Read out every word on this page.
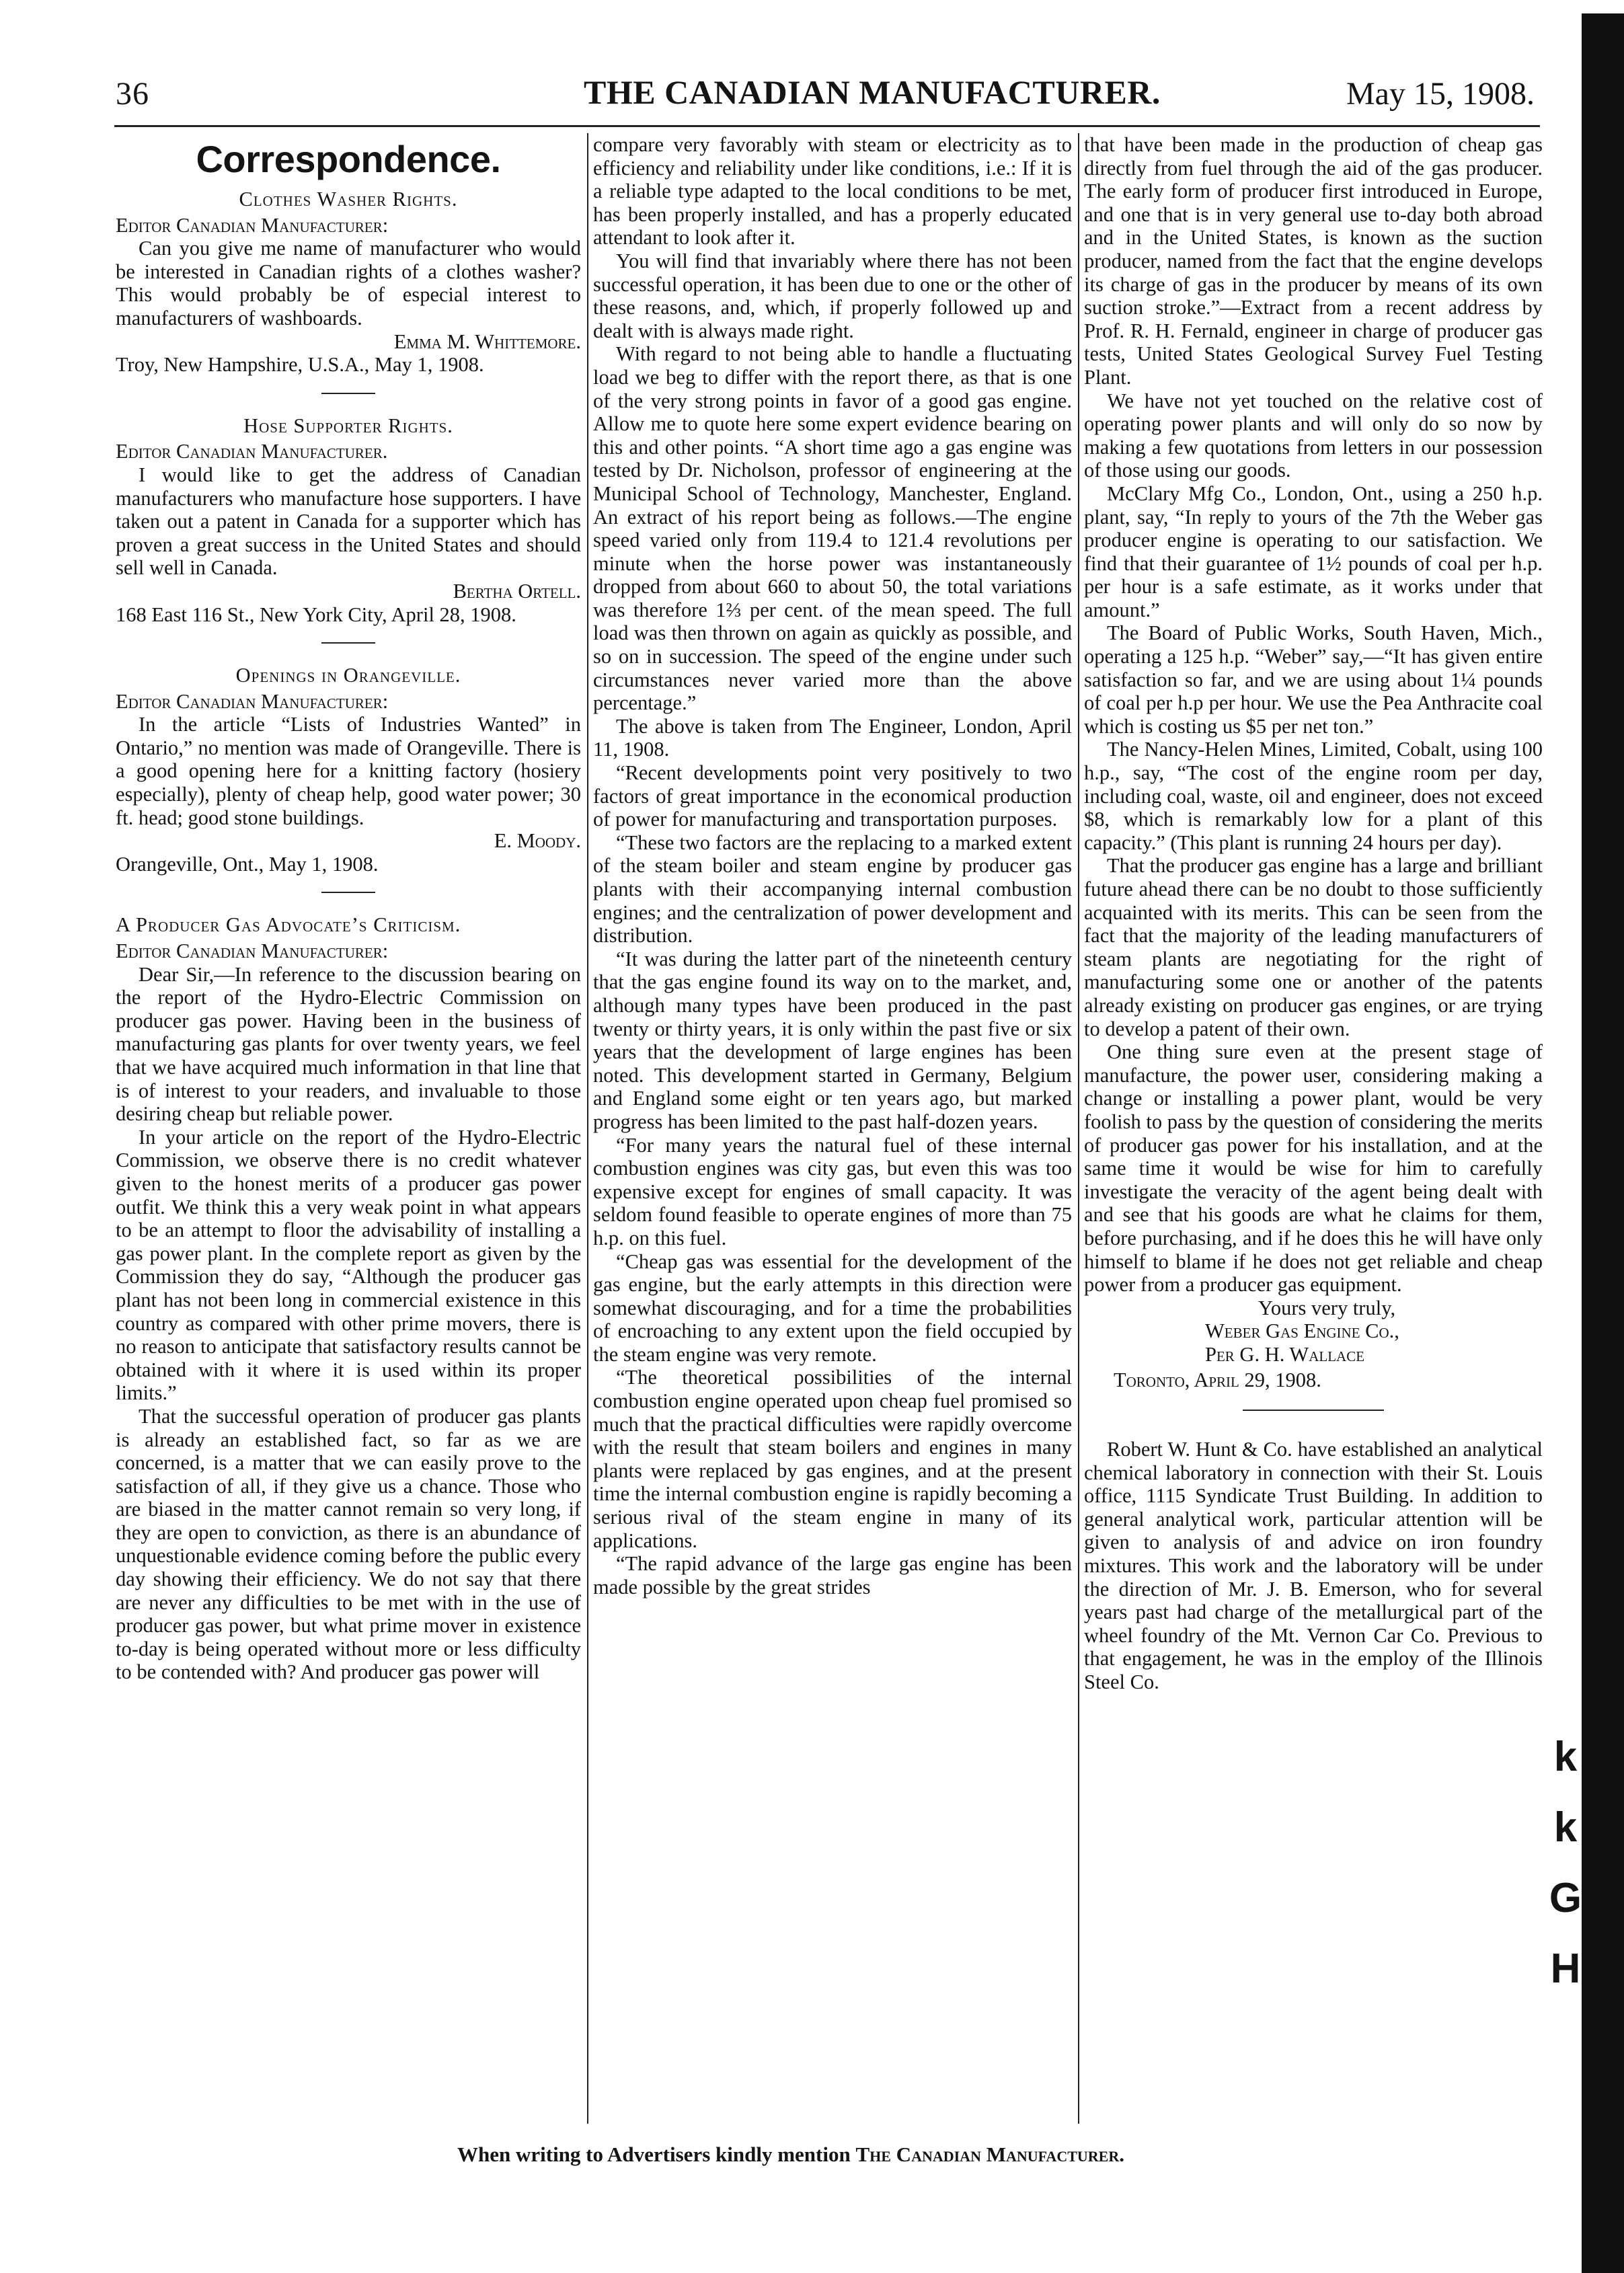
36	THE CANADIAN MANUFACTURER.	May 15, 1908.
Correspondence.

Clothes Washer Rights.

Editor Canadian Manufacturer:

Can you give me name of manufacturer who would be interested in Canadian rights of a clothes washer? This would probably be of especial interest to manufacturers of washboards.

Emma M. Whittemore.

Troy, New Hampshire, U.S.A., May 1, 1908.

Hose Supporter Rights.

Editor Canadian Manufacturer.

I would like to get the address of Canadian manufacturers who manufacture hose supporters. I have taken out a patent in Canada for a supporter which has proven a great success in the United States and should sell well in Canada.

Bertha Ortell.

168 East 116 St., New York City, April 28, 1908.

Openings in Orangeville.

Editor Canadian Manufacturer:

In the article “Lists of Industries Wanted” in Ontario,” no mention was made of Orangeville. There is a good opening here for a knitting factory (hosiery especially), plenty of cheap help, good water power; 30 ft. head; good stone buildings.

E. Moody.

Orangeville, Ont., May 1, 1908.

A Producer Gas Advocate’s Criticism.

Editor Canadian Manufacturer:

Dear Sir,—In reference to the discussion bearing on the report of the Hydro-Electric Commission on producer gas power. Having been in the business of manufacturing gas plants for over twenty years, we feel that we have acquired much information in that line that is of interest to your readers, and invaluable to those desiring cheap but reliable power.

In your article on the report of the Hydro-Electric Commission, we observe there is no credit whatever given to the honest merits of a producer gas power outfit. We think this a very weak point in what appears to be an attempt to floor the advisability of installing a gas power plant. In the complete report as given by the Commission they do say, “Although the producer gas plant has not been long in commercial existence in this country as compared with other prime movers, there is no reason to anticipate that satisfactory results cannot be obtained with it where it is used within its proper limits.”

That the successful operation of producer gas plants is already an established fact, so far as we are concerned, is a matter that we can easily prove to the satisfaction of all, if they give us a chance. Those who are biased in the matter cannot remain so very long, if they are open to conviction, as there is an abundance of unquestionable evidence coming before the public every day showing their efficiency. We do not say that there are never any difficulties to be met with in the use of producer gas power, but what prime mover in existence to-day is being operated without more or less difficulty to be contended with? And producer gas power will

compare very favorably with steam or electricity as to efficiency and reliability under like conditions, i.e.: If it is a reliable type adapted to the local conditions to be met, has been properly installed, and has a properly educated attendant to look after it.

You will find that invariably where there has not been successful operation, it has been due to one or the other of these reasons, and, which, if properly followed up and dealt with is always made right.

With regard to not being able to handle a fluctuating load we beg to differ with the report there, as that is one of the very strong points in favor of a good gas engine. Allow me to quote here some expert evidence bearing on this and other points. “A short time ago a gas engine was tested by Dr. Nicholson, professor of engineering at the Municipal School of Technology, Manchester, England. An extract of his report being as follows.—The engine speed varied only from 119.4 to 121.4 revolutions per minute when the horse power was instantaneously dropped from about 660 to about 50, the total variations was therefore 1⅔ per cent. of the mean speed. The full load was then thrown on again as quickly as possible, and so on in succession. The speed of the engine under such circumstances never varied more than the above percentage.”

The above is taken from The Engineer, London, April 11, 1908.

“Recent developments point very positively to two factors of great importance in the economical production of power for manufacturing and transportation purposes.

“These two factors are the replacing to a marked extent of the steam boiler and steam engine by producer gas plants with their accompanying internal combustion engines; and the centralization of power development and distribution.

“It was during the latter part of the nineteenth century that the gas engine found its way on to the market, and, although many types have been produced in the past twenty or thirty years, it is only within the past five or six years that the development of large engines has been noted. This development started in Germany, Belgium and England some eight or ten years ago, but marked progress has been limited to the past half-dozen years.

“For many years the natural fuel of these internal combustion engines was city gas, but even this was too expensive except for engines of small capacity. It was seldom found feasible to operate engines of more than 75 h.p. on this fuel.

“Cheap gas was essential for the development of the gas engine, but the early attempts in this direction were somewhat discouraging, and for a time the probabilities of encroaching to any extent upon the field occupied by the steam engine was very remote.

“The theoretical possibilities of the internal combustion engine operated upon cheap fuel promised so much that the practical difficulties were rapidly overcome with the result that steam boilers and engines in many plants were replaced by gas engines, and at the present time the internal combustion engine is rapidly becoming a serious rival of the steam engine in many of its applications.

“The rapid advance of the large gas engine has been made possible by the great strides

that have been made in the production of cheap gas directly from fuel through the aid of the gas producer. The early form of producer first introduced in Europe, and one that is in very general use to-day both abroad and in the United States, is known as the suction producer, named from the fact that the engine develops its charge of gas in the producer by means of its own suction stroke.”—Extract from a recent address by Prof. R. H. Fernald, engineer in charge of producer gas tests, United States Geological Survey Fuel Testing Plant.

We have not yet touched on the relative cost of operating power plants and will only do so now by making a few quotations from letters in our possession of those using our goods.

McClary Mfg Co., London, Ont., using a 250 h.p. plant, say, “In reply to yours of the 7th the Weber gas producer engine is operating to our satisfaction. We find that their guarantee of 1½ pounds of coal per h.p. per hour is a safe estimate, as it works under that amount.”

The Board of Public Works, South Haven, Mich., operating a 125 h.p. “Weber” say,—“It has given entire satisfaction so far, and we are using about 1¼ pounds of coal per h.p per hour. We use the Pea Anthracite coal which is costing us $5 per net ton.”

The Nancy-Helen Mines, Limited, Cobalt, using 100 h.p., say, “The cost of the engine room per day, including coal, waste, oil and engineer, does not exceed $8, which is remarkably low for a plant of this capacity.” (This plant is running 24 hours per day).

That the producer gas engine has a large and brilliant future ahead there can be no doubt to those sufficiently acquainted with its merits. This can be seen from the fact that the majority of the leading manufacturers of steam plants are negotiating for the right of manufacturing some one or another of the patents already existing on producer gas engines, or are trying to develop a patent of their own.

One thing sure even at the present stage of manufacture, the power user, considering making a change or installing a power plant, would be very foolish to pass by the question of considering the merits of producer gas power for his installation, and at the same time it would be wise for him to carefully investigate the veracity of the agent being dealt with and see that his goods are what he claims for them, before purchasing, and if he does this he will have only himself to blame if he does not get reliable and cheap power from a producer gas equipment.

Yours very truly,

Weber Gas Engine Co.,

Per G. H. Wallace

Toronto, April 29, 1908.

Robert W. Hunt & Co. have established an analytical chemical laboratory in connection with their St. Louis office, 1115 Syndicate Trust Building. In addition to general analytical work, particular attention will be given to analysis of and advice on iron foundry mixtures. This work and the laboratory will be under the direction of Mr. J. B. Emerson, who for several years past had charge of the metallurgical part of the wheel foundry of the Mt. Vernon Car Co. Previous to that engagement, he was in the employ of the Illinois Steel Co.

When writing to Advertisers kindly mention The Canadian Manufacturer.
k
k
G
H
